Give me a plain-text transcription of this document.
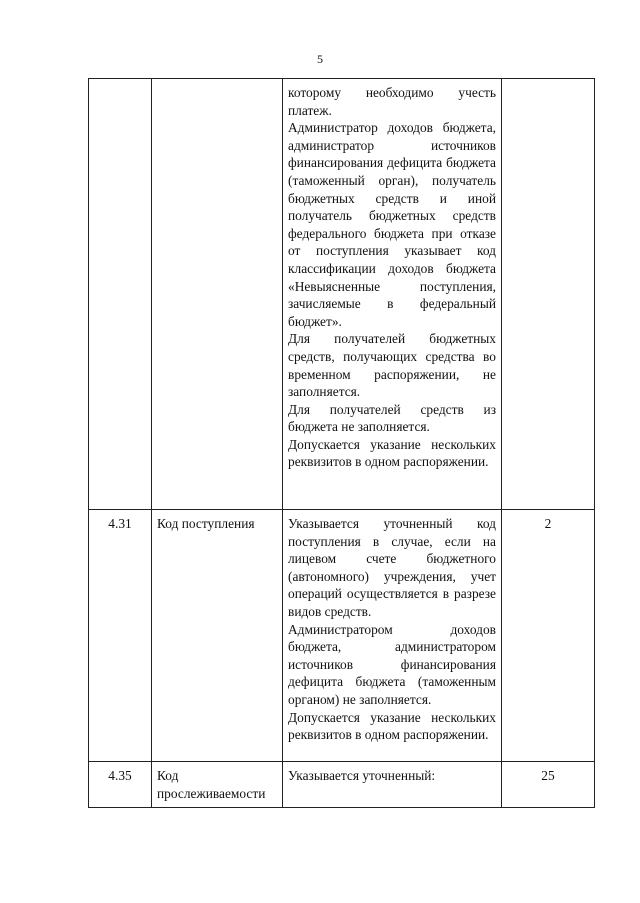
5

		которому необходимо учесть платеж.
Администратор доходов бюджета, администратор источников финансирования дефицита бюджета (таможенный орган), получатель бюджетных средств и иной получатель бюджетных средств федерального бюджета при отказе от поступления указывает код классификации доходов бюджета «Невыясненные поступления, зачисляемые в федеральный бюджет».
Для получателей бюджетных средств, получающих средства во временном распоряжении, не заполняется.
Для получателей средств из бюджета не заполняется.
Допускается указание нескольких реквизитов в одном распоряжении.	

4.31	Код поступления	Указывается уточненный код поступления в случае, если на лицевом счете бюджетного (автономного) учреждения, учет операций осуществляется в разрезе видов средств.
Администратором доходов бюджета, администратором источников финансирования дефицита бюджета (таможенным органом) не заполняется.
Допускается указание нескольких реквизитов в одном распоряжении.	2
4.35	Код прослеживаемости	Указывается уточненный:	25
